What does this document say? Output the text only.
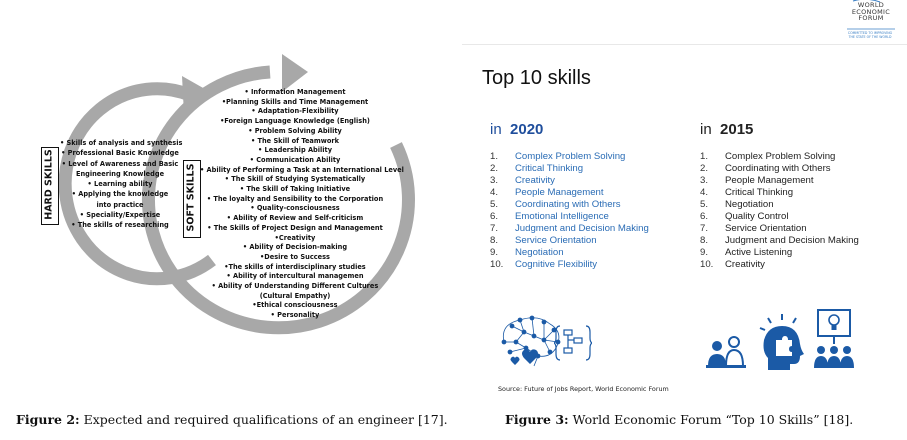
HARD SKILLS	SOFT SKILLS
• Skills of analysis and synthesis
• Professional Basic Knowledge
• Level of Awareness and Basic
Engineering Knowledge
• Learning ability
• Applying the knowledge
into practice
• Speciality/Expertise
• The skills of researching
• Information Management
•Planning Skills and Time Management
• Adaptation-Flexibility
•Foreign Language Knowledge (English)
• Problem Solving Ability
• The Skill of Teamwork
• Leadership Ability
• Communication Ability
• Ability of Performing a Task at an International Level
• The Skill of Studying Systematically
• The Skill of Taking Initiative
• The loyalty and Sensibility to the Corporation
• Quality-consciousness
• Ability of Review and Self-criticism
• The Skills of Project Design and Management
•Creativity
• Ability of Decision-making
•Desire to Success
•The skills of interdisciplinary studies
• Ability of intercultural managemen
• Ability of Understanding Different Cultures
(Cultural Empathy)
•Ethical consciousness
• Personality
WORLD
ECONOMIC
FORUM
COMMITTED TO IMPROVING THE STATE OF THE WORLD
Top 10 skills
in 2020	in 2015
1. Complex Problem Solving
2. Critical Thinking
3. Creativity
4. People Management
5. Coordinating with Others
6. Emotional Intelligence
7. Judgment and Decision Making
8. Service Orientation
9. Negotiation
10. Cognitive Flexibility
1. Complex Problem Solving
2. Coordinating with Others
3. People Management
4. Critical Thinking
5. Negotiation
6. Quality Control
7. Service Orientation
8. Judgment and Decision Making
9. Active Listening
10. Creativity
Source: Future of Jobs Report, World Economic Forum
Figure 2: Expected and required qualifications of an engineer [17].	Figure 3: World Economic Forum “Top 10 Skills” [18].
